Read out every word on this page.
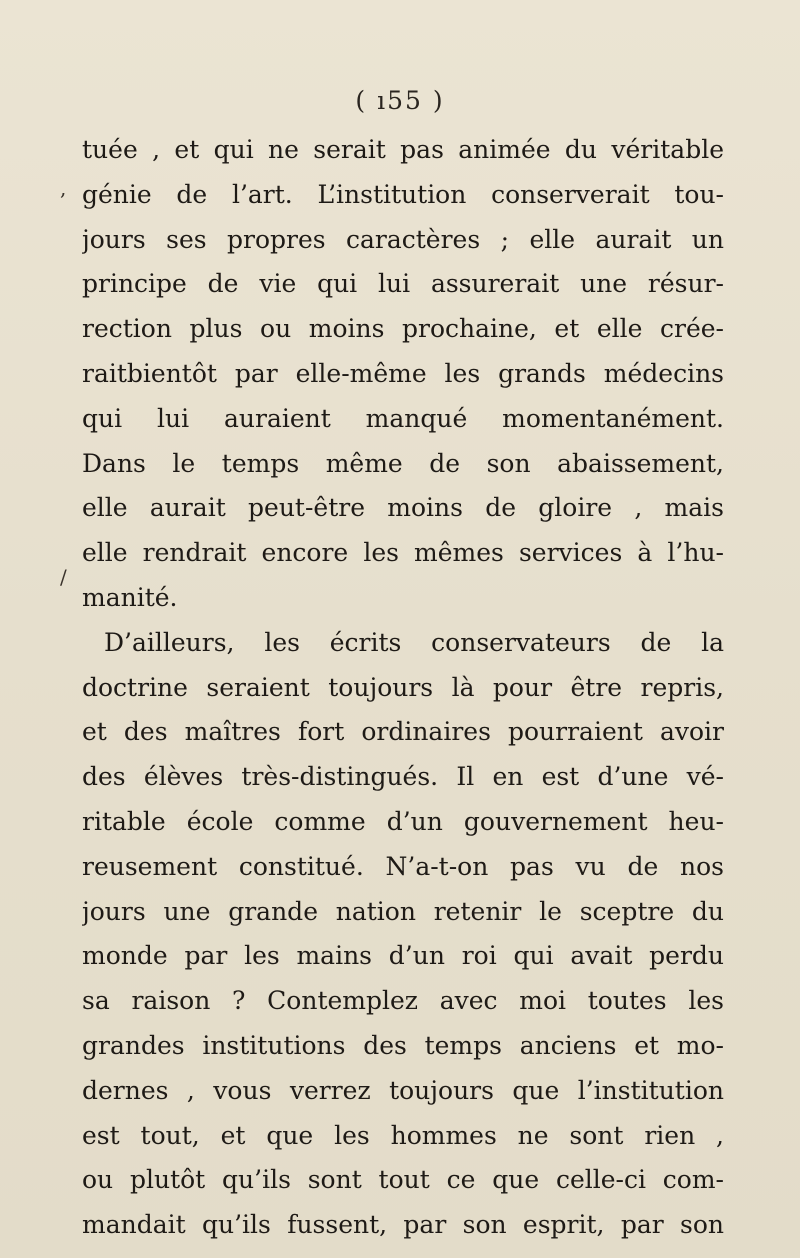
( ı55 )
,
/
tuée , et qui ne serait pas animée du véritable
génie de l’art. L’institution conserverait tou-
jours ses propres caractères ; elle aurait un
principe de vie qui lui assurerait une résur-
rection plus ou moins prochaine, et elle crée-
raitbientôt par elle-même les grands médecins
qui lui auraient manqué momentanément.
Dans le temps même de son abaissement,
elle aurait peut-être moins de gloire , mais
elle rendrait encore les mêmes services à l’hu-
manité.
D’ailleurs, les écrits conservateurs de la
doctrine seraient toujours là pour être repris,
et des maîtres fort ordinaires pourraient avoir
des élèves très-distingués. Il en est d’une vé-
ritable école comme d’un gouvernement heu-
reusement constitué. N’a-t-on pas vu de nos
jours une grande nation retenir le sceptre du
monde par les mains d’un roi qui avait perdu
sa raison ? Contemplez avec moi toutes les
grandes institutions des temps anciens et mo-
dernes , vous verrez toujours que l’institution
est tout, et que les hommes ne sont rien ,
ou plutôt qu’ils sont tout ce que celle-ci com-
mandait qu’ils fussent, par son esprit, par son
